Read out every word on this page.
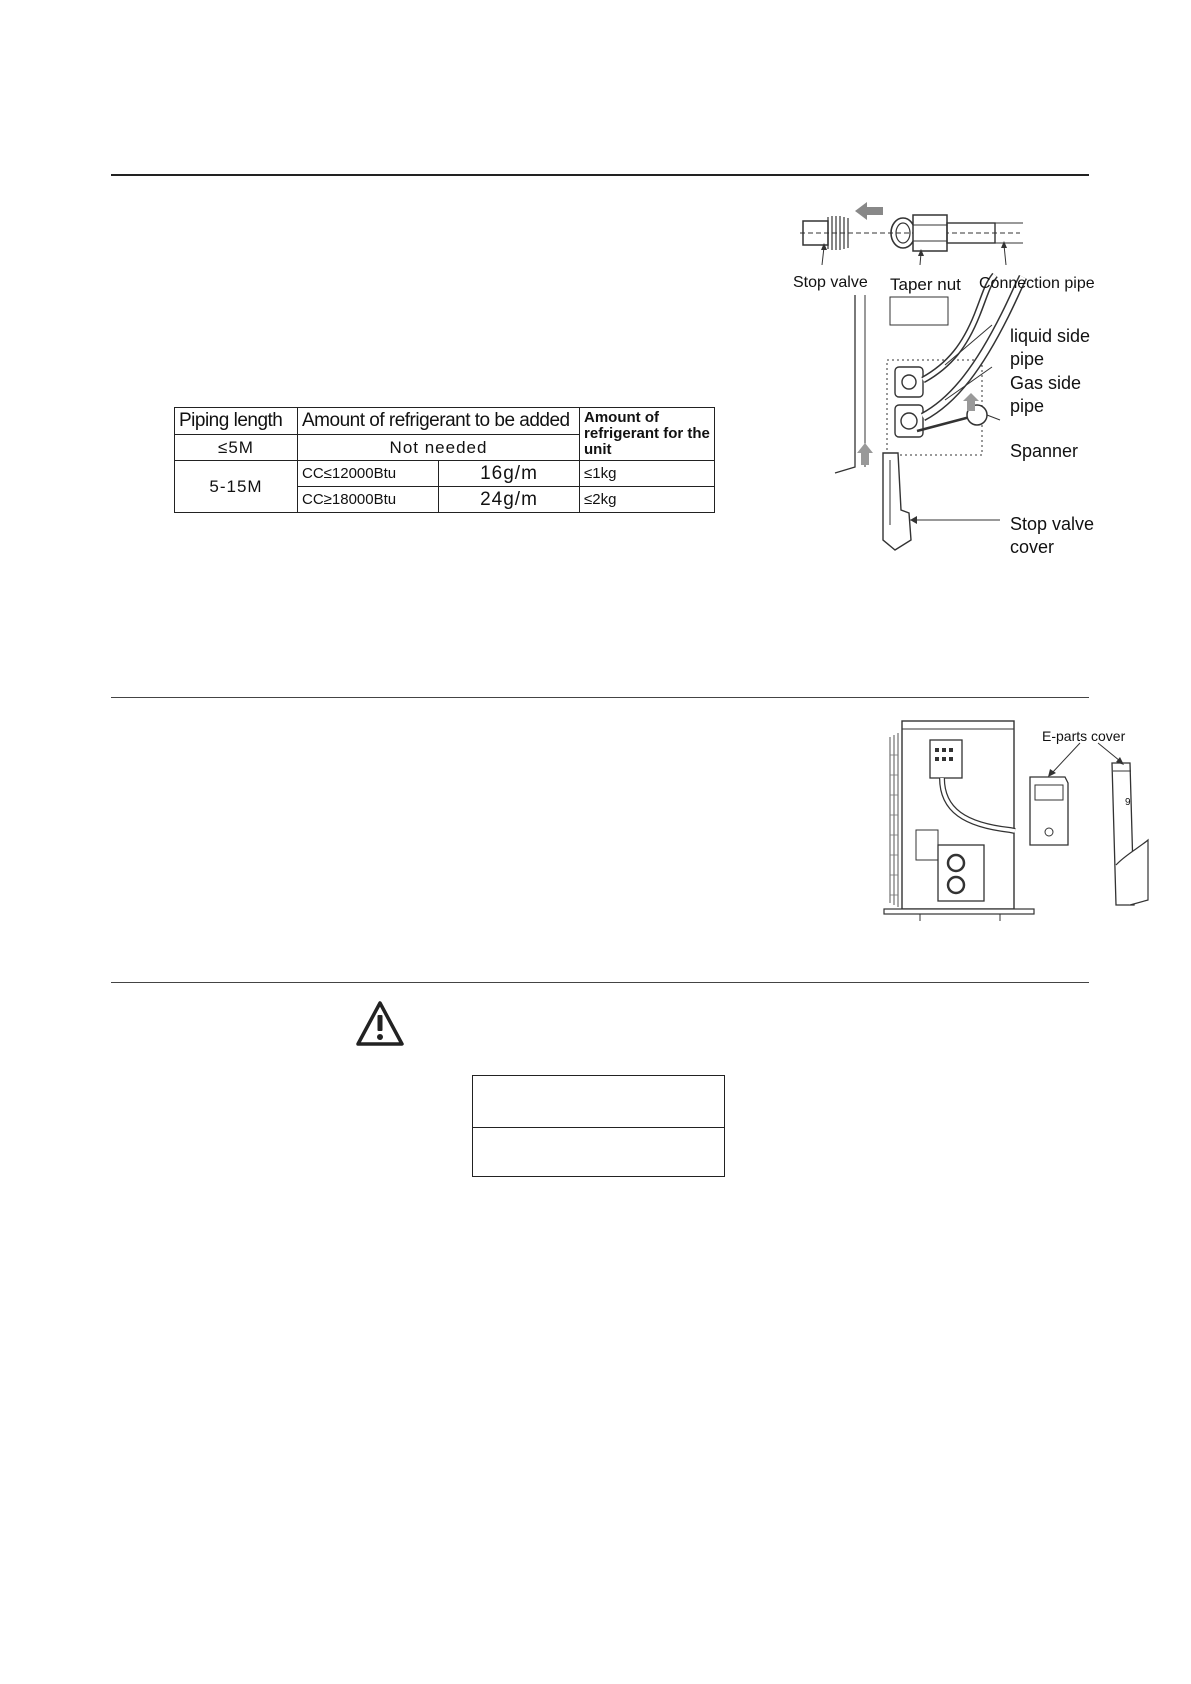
Piping length	Amount of refrigerant to be added		Amount of refrigerant for the unit
≤5M	Not needed		
5-15M	CC≤12000Btu	16g/m	≤1kg
	CC≥18000Btu	24g/m	≤2kg
Stop valve Taper nut Connection pipe
liquid side pipe
Gas side pipe
Spanner
Stop valve cover
E-parts cover
9
